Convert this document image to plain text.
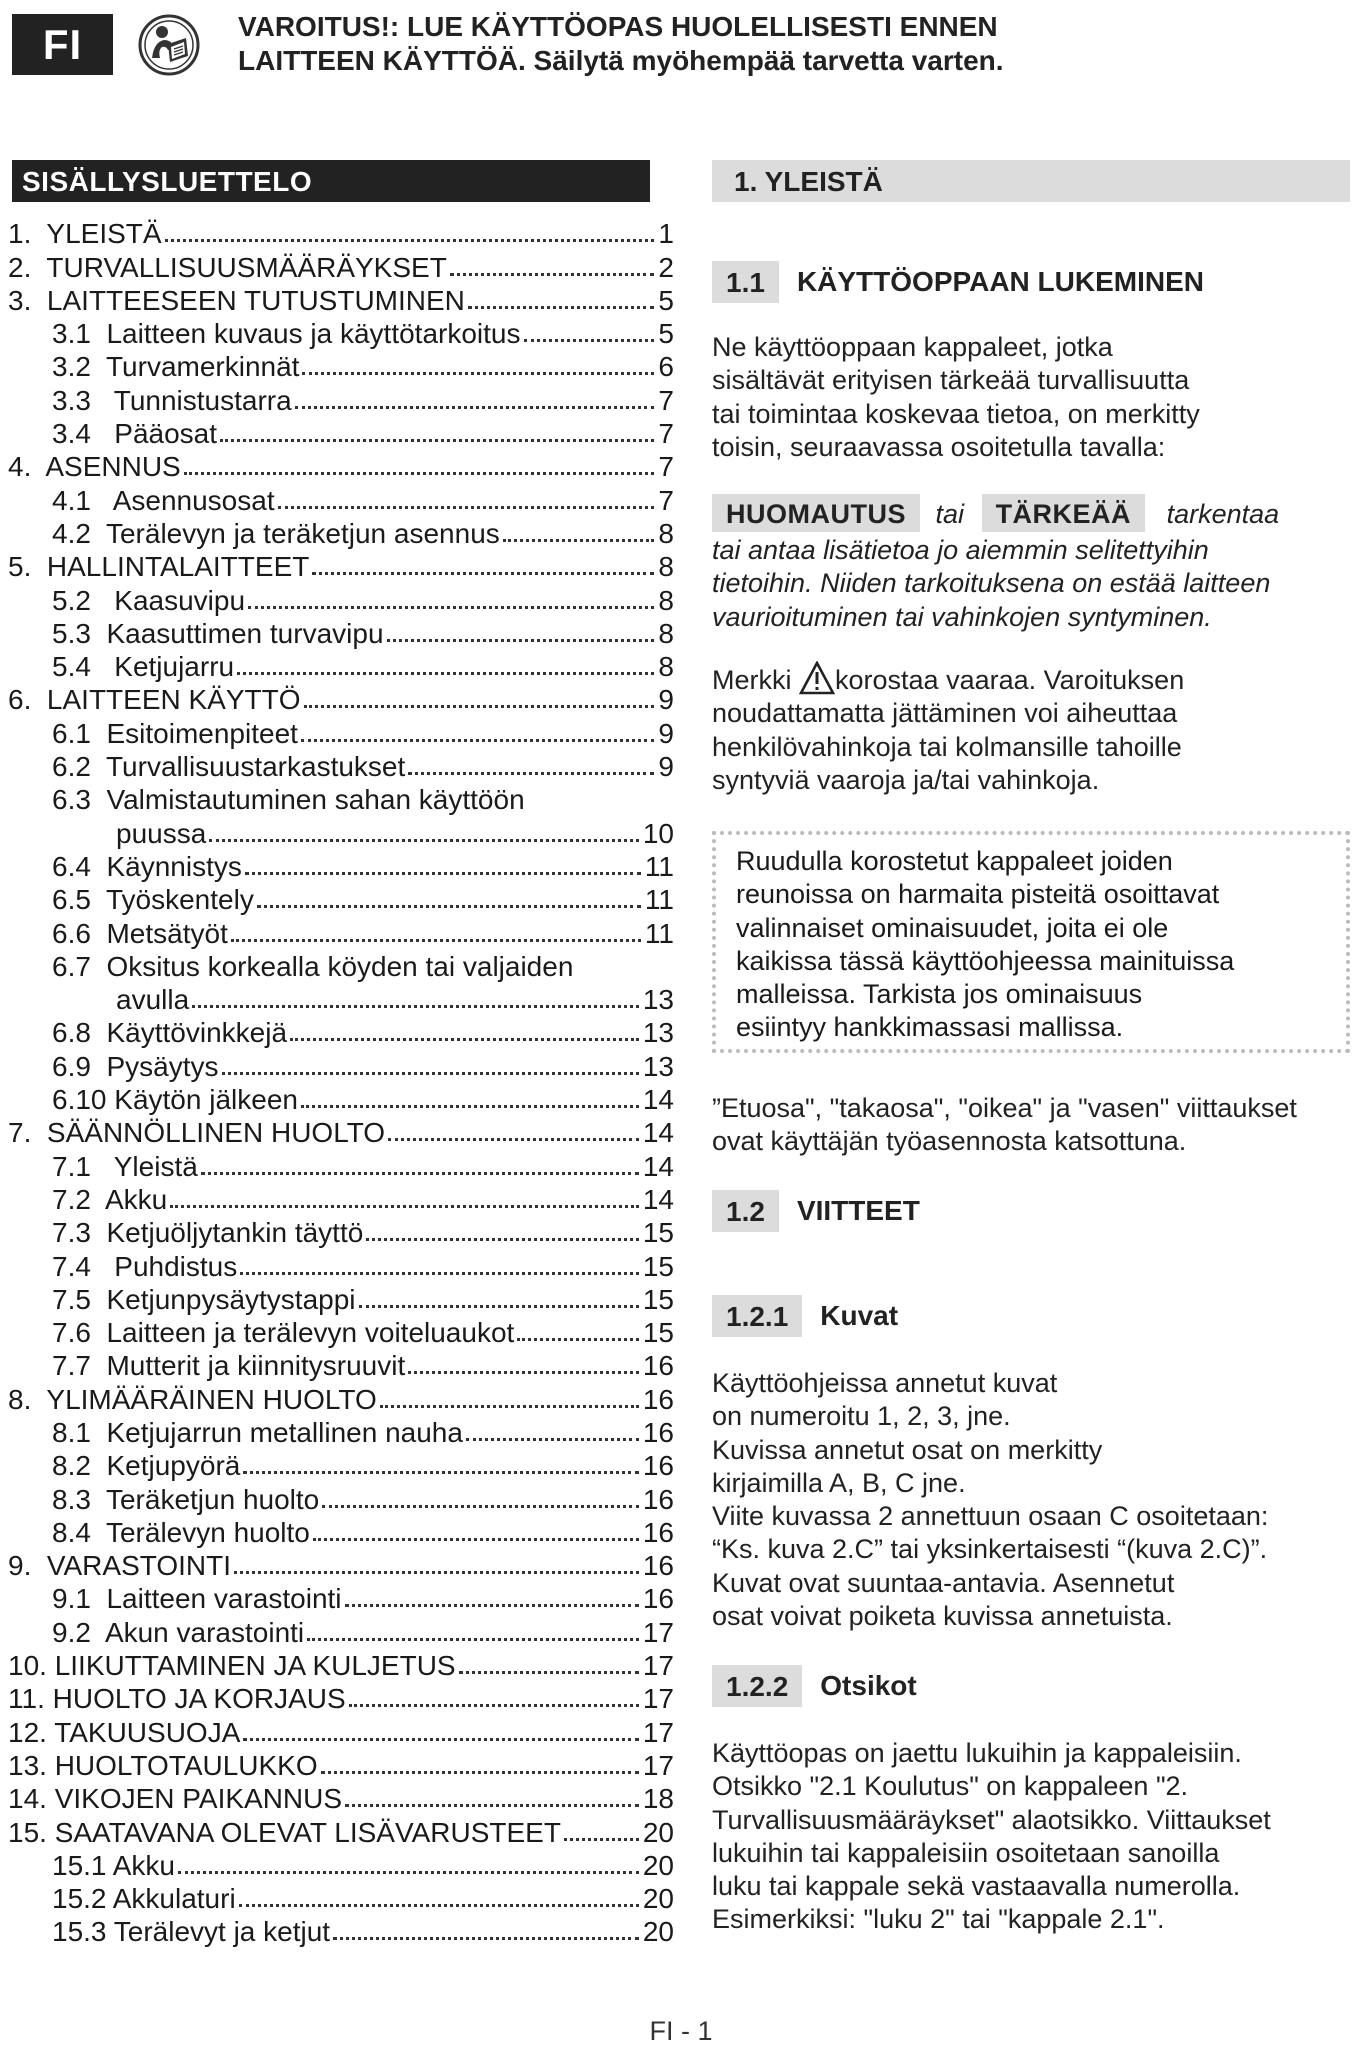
FI	VAROITUS!: LUE KÄYTTÖOPAS HUOLELLISESTI ENNEN
LAITTEEN KÄYTTÖÄ. Säilytä myöhempää tarvetta varten.
SISÄLLYSLUETTELO
1.  YLEISTÄ	1
2.  TURVALLISUUSMÄÄRÄYKSET	2
3.  LAITTEESEEN TUTUSTUMINEN	5
3.1  Laitteen kuvaus ja käyttötarkoitus	5
3.2  Turvamerkinnät	6
3.3   Tunnistustarra	7
3.4   Pääosat	7
4.  ASENNUS	7
4.1   Asennusosat	7
4.2  Terälevyn ja teräketjun asennus	8
5.  HALLINTALAITTEET	8
5.2   Kaasuvipu	8
5.3  Kaasuttimen turvavipu	8
5.4   Ketjujarru	8
6.  LAITTEEN KÄYTTÖ	9
6.1  Esitoimenpiteet	9
6.2  Turvallisuustarkastukset	9
6.3  Valmistautuminen sahan käyttöön
puussa	10
6.4  Käynnistys	11
6.5  Työskentely	11
6.6  Metsätyöt	11
6.7  Oksitus korkealla köyden tai valjaiden
avulla	13
6.8  Käyttövinkkejä	13
6.9  Pysäytys	13
6.10 Käytön jälkeen	14
7.  SÄÄNNÖLLINEN HUOLTO	14
7.1   Yleistä	14
7.2  Akku	14
7.3  Ketjuöljytankin täyttö	15
7.4   Puhdistus	15
7.5  Ketjunpysäytystappi	15
7.6  Laitteen ja terälevyn voiteluaukot	15
7.7  Mutterit ja kiinnitysruuvit	16
8.  YLIMÄÄRÄINEN HUOLTO	16
8.1  Ketjujarrun metallinen nauha	16
8.2  Ketjupyörä	16
8.3  Teräketjun huolto	16
8.4  Terälevyn huolto	16
9.  VARASTOINTI	16
9.1  Laitteen varastointi	16
9.2  Akun varastointi	17
10. LIIKUTTAMINEN JA KULJETUS	17
11. HUOLTO JA KORJAUS	17
12. TAKUUSUOJA	17
13. HUOLTOTAULUKKO	17
14. VIKOJEN PAIKANNUS	18
15. SAATAVANA OLEVAT LISÄVARUSTEET	20
15.1 Akku	20
15.2 Akkulaturi	20
15.3 Terälevyt ja ketjut	20
1. YLEISTÄ
1.1	KÄYTTÖOPPAAN LUKEMINEN
Ne käyttöoppaan kappaleet, jotka
sisältävät erityisen tärkeää turvallisuutta
tai toimintaa koskevaa tietoa, on merkitty
toisin, seuraavassa osoitetulla tavalla:
HUOMAUTUS tai TÄRKEÄÄ tarkentaa
tai antaa lisätietoa jo aiemmin selitettyihin
tietoihin. Niiden tarkoituksena on estää laitteen
vaurioituminen tai vahinkojen syntyminen.
Merkki korostaa vaaraa. Varoituksen
noudattamatta jättäminen voi aiheuttaa
henkilövahinkoja tai kolmansille tahoille
syntyviä vaaroja ja/tai vahinkoja.
Ruudulla korostetut kappaleet joiden
reunoissa on harmaita pisteitä osoittavat
valinnaiset ominaisuudet, joita ei ole
kaikissa tässä käyttöohjeessa mainituissa
malleissa. Tarkista jos ominaisuus
esiintyy hankkimassasi mallissa.
”Etuosa", "takaosa", "oikea" ja "vasen" viittaukset
ovat käyttäjän työasennosta katsottuna.
1.2	VIITTEET
1.2.1	Kuvat
Käyttöohjeissa annetut kuvat
on numeroitu 1, 2, 3, jne.
Kuvissa annetut osat on merkitty
kirjaimilla A, B, C jne.
Viite kuvassa 2 annettuun osaan C osoitetaan:
“Ks. kuva 2.C” tai yksinkertaisesti “(kuva 2.C)”.
Kuvat ovat suuntaa-antavia. Asennetut
osat voivat poiketa kuvissa annetuista.
1.2.2	Otsikot
Käyttöopas on jaettu lukuihin ja kappaleisiin.
Otsikko "2.1 Koulutus" on kappaleen "2.
Turvallisuusmääräykset" alaotsikko. Viittaukset
lukuihin tai kappaleisiin osoitetaan sanoilla
luku tai kappale sekä vastaavalla numerolla.
Esimerkiksi: "luku 2" tai "kappale 2.1".
FI - 1
